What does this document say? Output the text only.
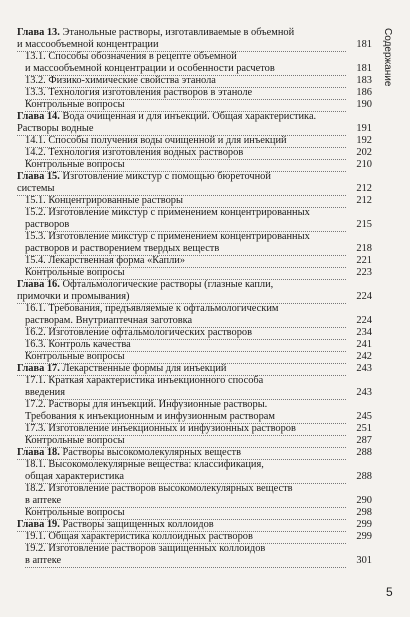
Глава 13. Этанольные растворы, изготавливаемые в объемной
и массообъемной концентрации	181
13.1. Способы обозначения в рецепте объемной
и массообъемной концентрации и особенности расчетов	181
13.2. Физико-химические свойства этанола	183
13.3. Технология изготовления растворов в этаноле	186
Контрольные вопросы	190
Глава 14. Вода очищенная и для инъекций. Общая характеристика.
Растворы водные	191
14.1. Способы получения воды очищенной и для инъекций	192
14.2. Технология изготовления водных растворов	202
Контрольные вопросы	210
Глава 15. Изготовление микстур с помощью бюреточной
системы	212
15.1. Концентрированные растворы	212
15.2. Изготовление микстур с применением концентрированных
растворов	215
15.3. Изготовление микстур с применением концентрированных
растворов и растворением твердых веществ	218
15.4. Лекарственная форма «Капли»	221
Контрольные вопросы	223
Глава 16. Офтальмологические растворы (глазные капли,
примочки и промывания)	224
16.1. Требования, предъявляемые к офтальмологическим
растворам. Внутриаптечная заготовка	224
16.2. Изготовление офтальмологических растворов	234
16.3. Контроль качества	241
Контрольные вопросы	242
Глава 17. Лекарственные формы для инъекций	243
17.1. Краткая характеристика инъекционного способа
введения	243
17.2. Растворы для инъекций. Инфузионные растворы.
Требования к инъекционным и инфузионным растворам	245
17.3. Изготовление инъекционных и инфузионных растворов	251
Контрольные вопросы	287
Глава 18. Растворы высокомолекулярных веществ	288
18.1. Высокомолекулярные вещества: классификация,
общая характеристика	288
18.2. Изготовление растворов высокомолекулярных веществ
в аптеке	290
Контрольные вопросы	298
Глава 19. Растворы защищенных коллоидов	299
19.1. Общая характеристика коллоидных растворов	299
19.2. Изготовление растворов защищенных коллоидов
в аптеке	301
Содержание
5
